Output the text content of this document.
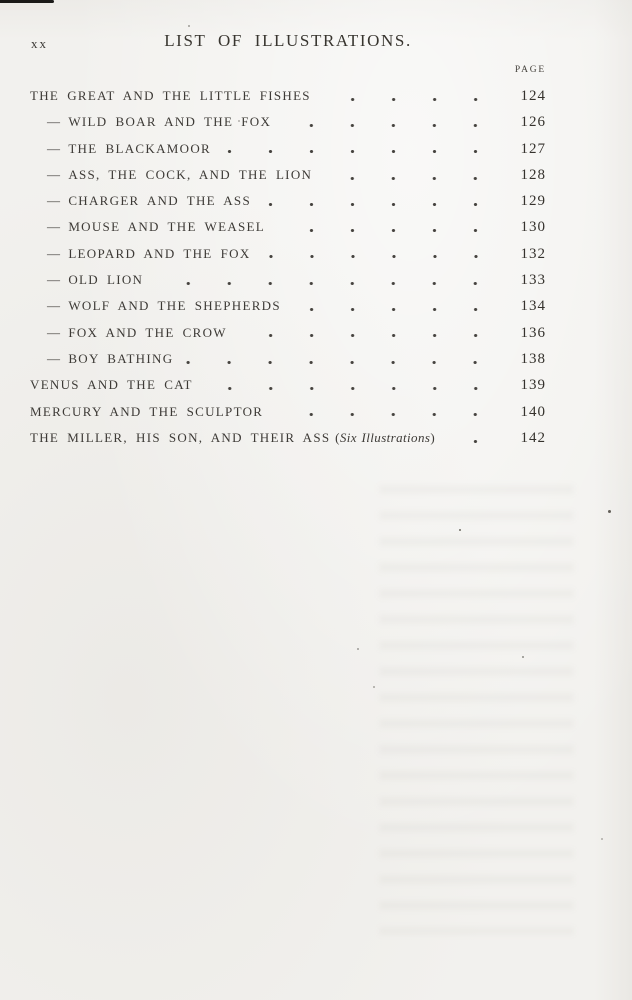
xx	LIST OF ILLUSTRATIONS.
PAGE
THE GREAT AND THE LITTLE FISHES	124
— WILD BOAR AND THE FOX	126
— THE BLACKAMOOR	127
— ASS, THE COCK, AND THE LION	128
— CHARGER AND THE ASS	129
— MOUSE AND THE WEASEL	130
— LEOPARD AND THE FOX	132
— OLD LION	133
— WOLF AND THE SHEPHERDS	134
— FOX AND THE CROW	136
— BOY BATHING	138
VENUS AND THE CAT	139
MERCURY AND THE SCULPTOR	140
THE MILLER, HIS SON, AND THEIR ASS (Six Illustrations)	142
